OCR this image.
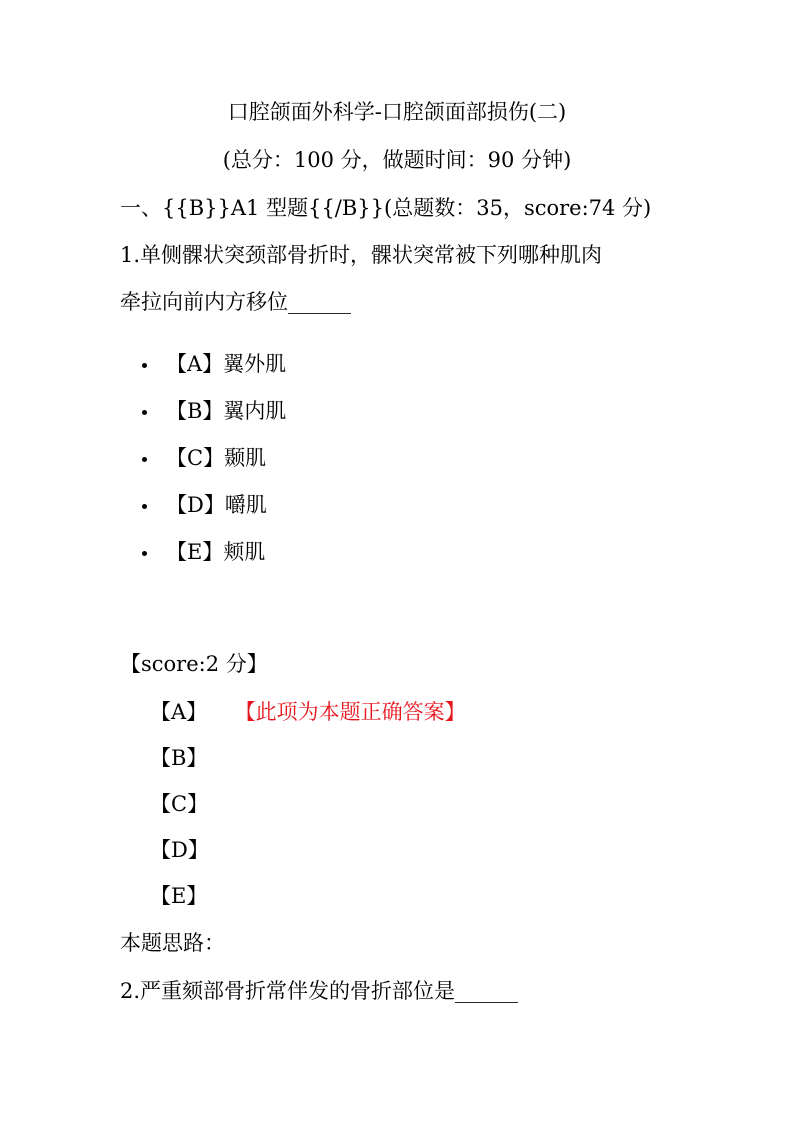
口腔颌面外科学-口腔颌面部损伤(二)
(总分：100 分，做题时间：90 分钟)
一、{{B}}A1 型题{{/B}}(总题数：35，score:74 分)
1.单侧髁状突颈部骨折时，髁状突常被下列哪种肌肉
牵拉向前内方移位______
【A】翼外肌
【B】翼内肌
【C】颞肌
【D】嚼肌
【E】颊肌
【score:2 分】
【A】 【此项为本题正确答案】
【B】
【C】
【D】
【E】
本题思路：
2.严重颏部骨折常伴发的骨折部位是______
